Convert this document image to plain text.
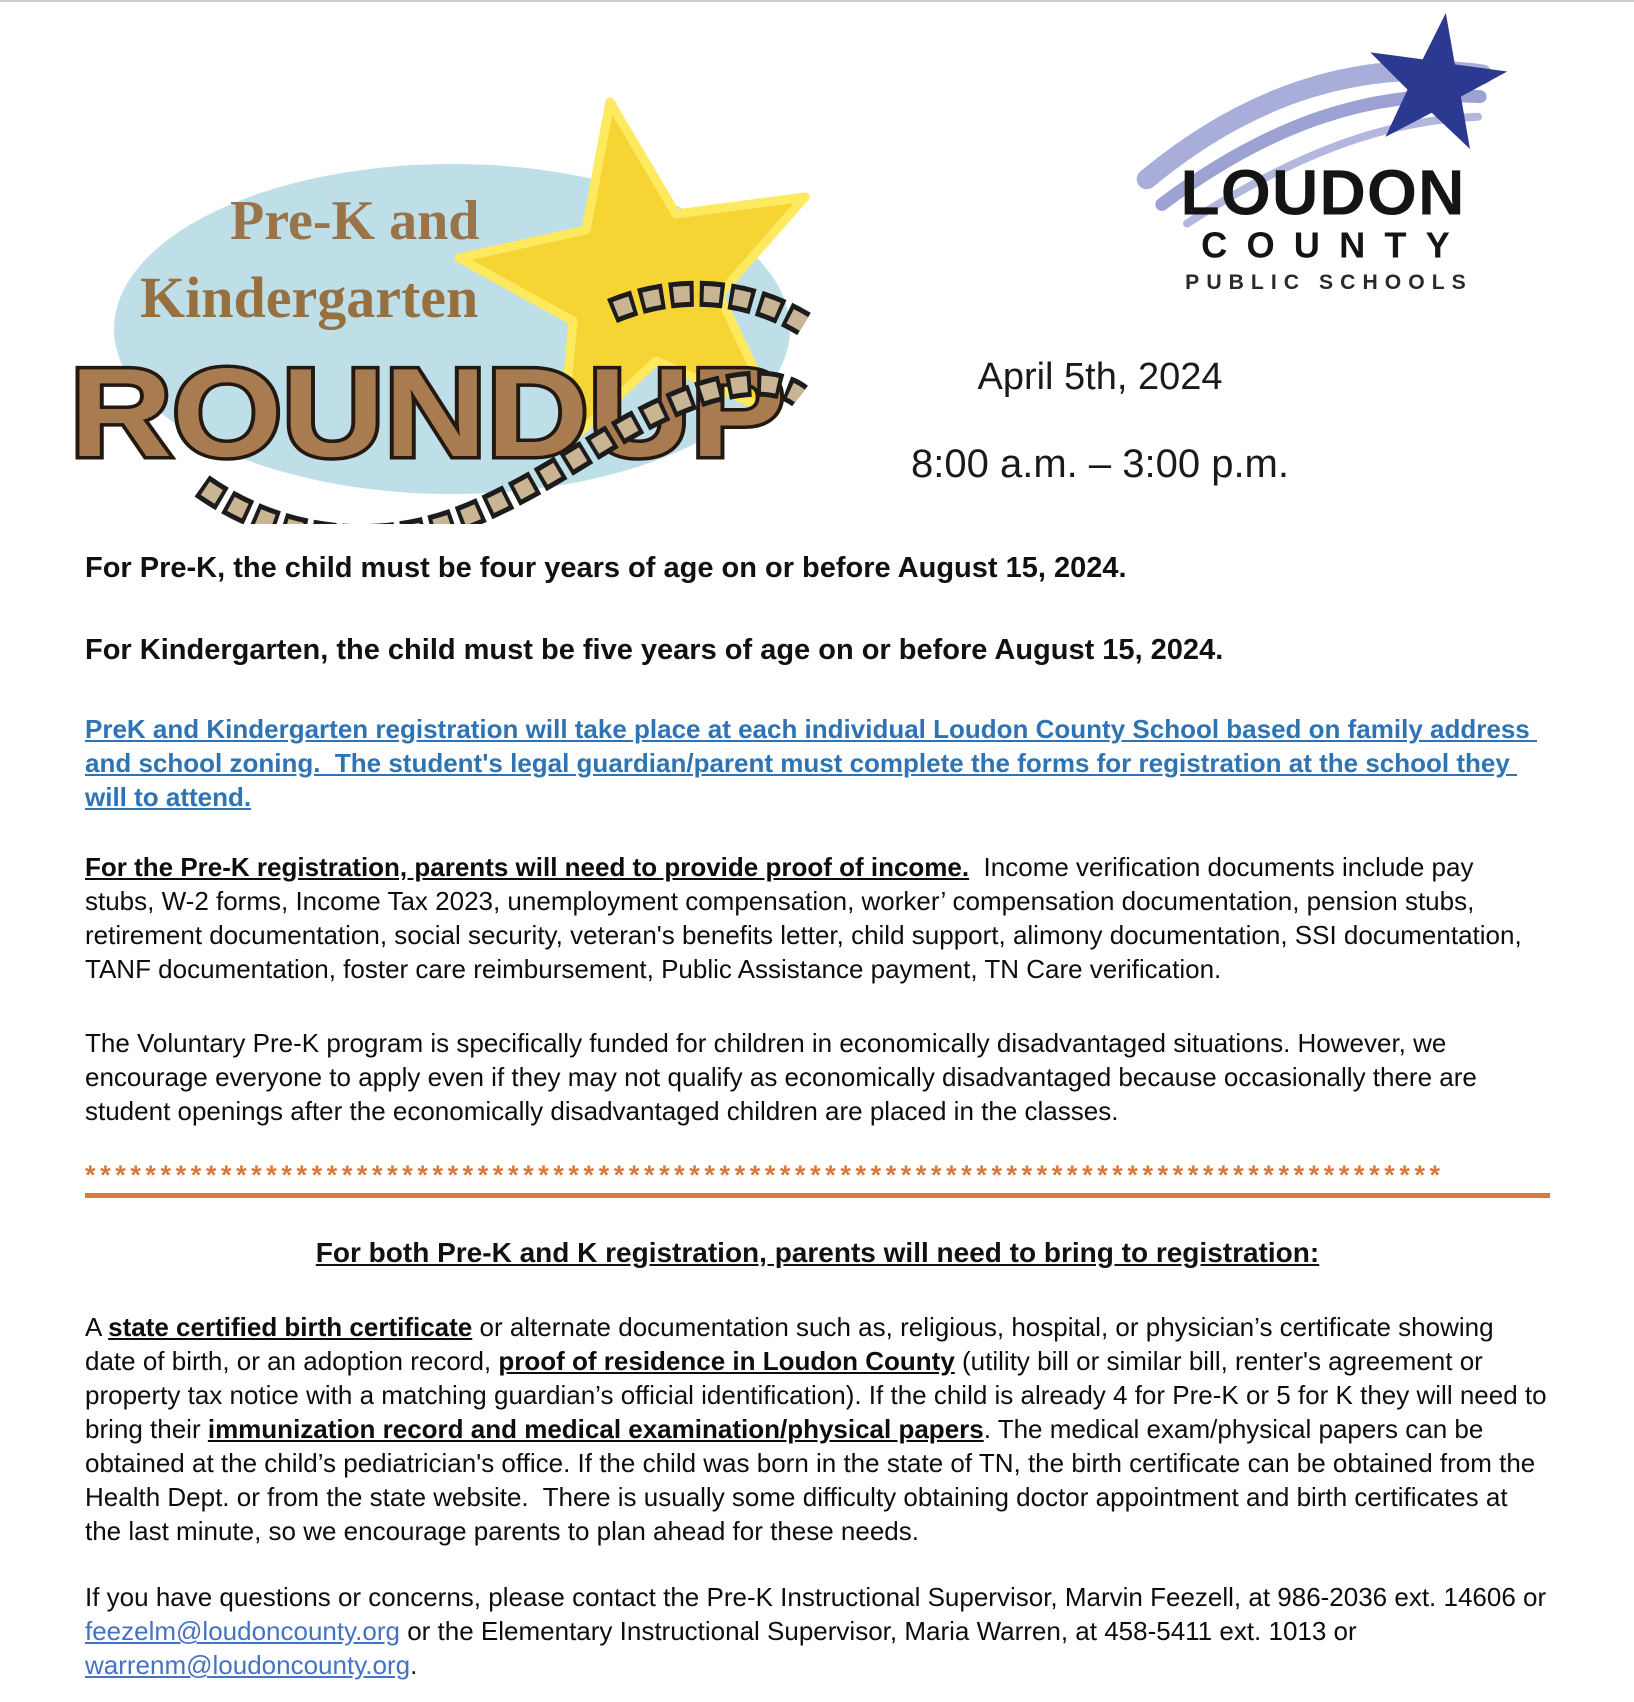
Pre-K and
Kindergarten
ROUNDUP
LOUDON
COUNTY
PUBLIC SCHOOLS
April 5th, 2024
8:00 a.m. – 3:00 p.m.

For Pre-K, the child must be four years of age on or before August 15, 2024.

For Kindergarten, the child must be five years of age on or before August 15, 2024.

PreK and Kindergarten registration will take place at each individual Loudon County School based on family address and school zoning.  The student's legal guardian/parent must complete the forms for registration at the school they will to attend.

For the Pre-K registration, parents will need to provide proof of income.  Income verification documents include pay stubs, W-2 forms, Income Tax 2023, unemployment compensation, worker’ compensation documentation, pension stubs, retirement documentation, social security, veteran's benefits letter, child support, alimony documentation, SSI documentation, TANF documentation, foster care reimbursement, Public Assistance payment, TN Care verification.

The Voluntary Pre-K program is specifically funded for children in economically disadvantaged situations. However, we encourage everyone to apply even if they may not qualify as economically disadvantaged because occasionally there are student openings after the economically disadvantaged children are placed in the classes.

******************************************************************************************

For both Pre-K and K registration, parents will need to bring to registration:

A state certified birth certificate or alternate documentation such as, religious, hospital, or physician’s certificate showing date of birth, or an adoption record, proof of residence in Loudon County (utility bill or similar bill, renter's agreement or property tax notice with a matching guardian’s official identification). If the child is already 4 for Pre-K or 5 for K they will need to bring their immunization record and medical examination/physical papers. The medical exam/physical papers can be obtained at the child’s pediatrician's office. If the child was born in the state of TN, the birth certificate can be obtained from the Health Dept. or from the state website.  There is usually some difficulty obtaining doctor appointment and birth certificates at the last minute, so we encourage parents to plan ahead for these needs.

If you have questions or concerns, please contact the Pre-K Instructional Supervisor, Marvin Feezell, at 986-2036 ext. 14606 or feezelm@loudoncounty.org or the Elementary Instructional Supervisor, Maria Warren, at 458-5411 ext. 1013 or warrenm@loudoncounty.org.
